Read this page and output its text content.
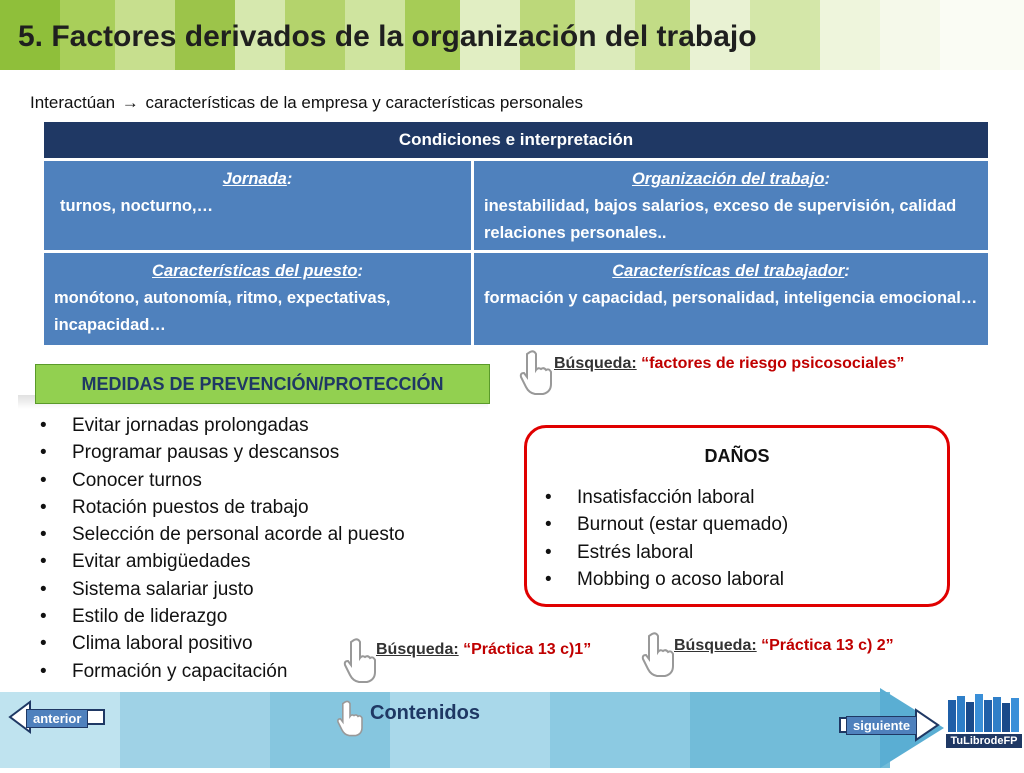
5. Factores derivados de la organización del trabajo
Interactúan → características de la empresa y características personales
Condiciones e interpretación
Jornada:
turnos, nocturno,…
Organización del trabajo:
inestabilidad, bajos salarios, exceso de supervisión, calidad relaciones personales..
Características del puesto:
monótono, autonomía, ritmo, expectativas, incapacidad…
Características del trabajador:
formación y capacidad, personalidad, inteligencia emocional…
Búsqueda: “factores de riesgo psicosociales”
MEDIDAS DE PREVENCIÓN/PROTECCIÓN
• Evitar jornadas prolongadas
• Programar pausas y descansos
• Conocer turnos
• Rotación puestos de trabajo
• Selección de personal acorde al puesto
• Evitar ambigüedades
• Sistema salariar justo
• Estilo de liderazgo
• Clima laboral positivo
• Formación y capacitación
DAÑOS
• Insatisfacción laboral
• Burnout (estar quemado)
• Estrés laboral
• Mobbing o acoso laboral
Búsqueda: “Práctica 13 c)1”	Búsqueda: “Práctica 13 c) 2”
anterior	siguiente
Contenidos
TuLibrodeFP
